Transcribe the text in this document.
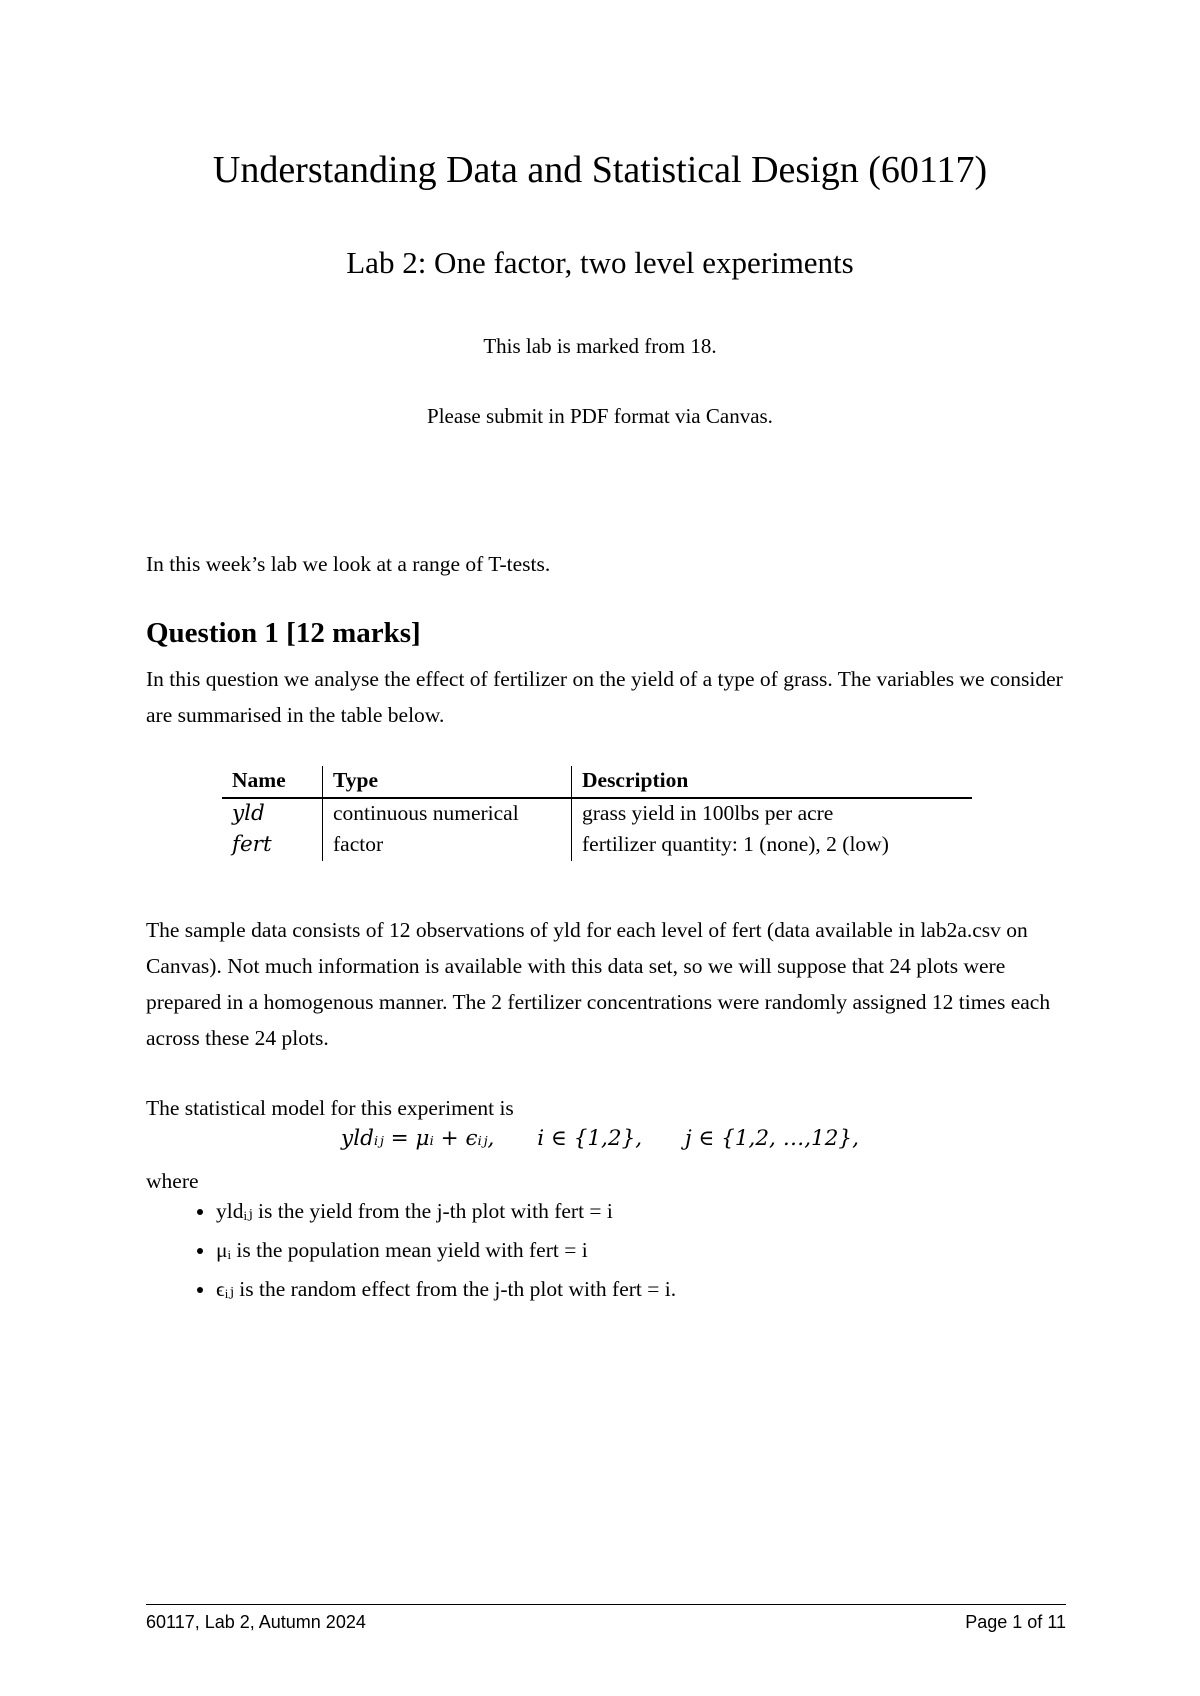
Understanding Data and Statistical Design (60117)
Lab 2: One factor, two level experiments
This lab is marked from 18.
Please submit in PDF format via Canvas.
In this week’s lab we look at a range of T-tests.
Question 1 [12 marks]
In this question we analyse the effect of fertilizer on the yield of a type of grass. The variables we consider are summarised in the table below.
Name	Type	Description
yld	continuous numerical	grass yield in 100lbs per acre
fert	factor	fertilizer quantity: 1 (none), 2 (low)
The sample data consists of 12 observations of yld for each level of fert (data available in lab2a.csv on Canvas). Not much information is available with this data set, so we will suppose that 24 plots were prepared in a homogenous manner. The 2 fertilizer concentrations were randomly assigned 12 times each across these 24 plots.
The statistical model for this experiment is
yldᵢⱼ = μᵢ + ϵᵢⱼ, i ∈ {1,2}, j ∈ {1,2, …,12},
where
• yldᵢⱼ is the yield from the j-th plot with fert = i
• μᵢ is the population mean yield with fert = i
• ϵᵢⱼ is the random effect from the j-th plot with fert = i.
60117, Lab 2, Autumn 2024	Page 1 of 11
